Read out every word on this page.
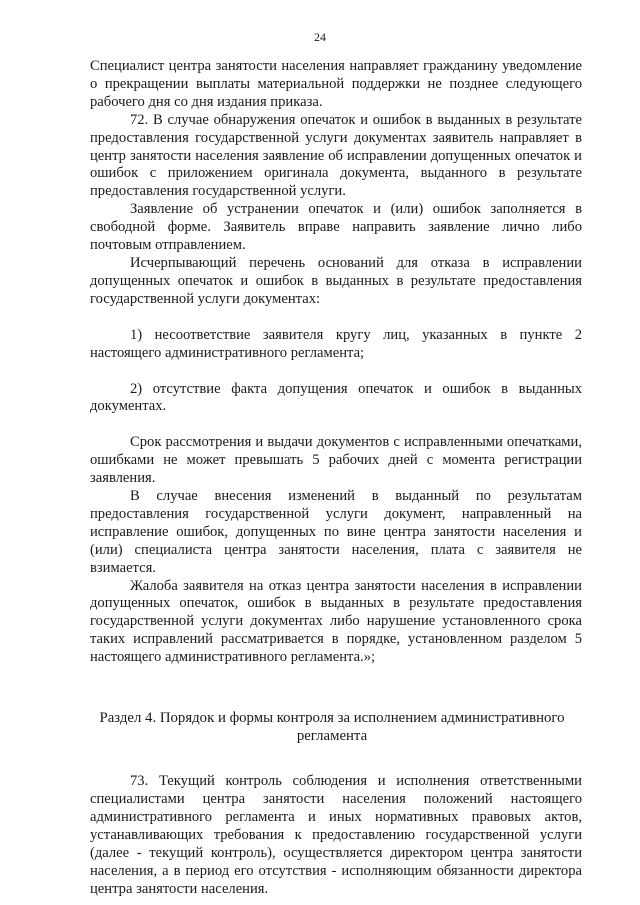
24

Специалист центра занятости населения направляет гражданину уведомление о прекращении выплаты материальной поддержки не позднее следующего рабочего дня со дня издания приказа.

72. В случае обнаружения опечаток и ошибок в выданных в результате предоставления государственной услуги документах заявитель направляет в центр занятости населения заявление об исправлении допущенных опечаток и ошибок с приложением оригинала документа, выданного в результате предоставления государственной услуги.

Заявление об устранении опечаток и (или) ошибок заполняется в свободной форме. Заявитель вправе направить заявление лично либо почтовым отправлением.

Исчерпывающий перечень оснований для отказа в исправлении допущенных опечаток и ошибок в выданных в результате предоставления государственной услуги документах:

1) несоответствие заявителя кругу лиц, указанных в пункте 2 настоящего административного регламента;

2) отсутствие факта допущения опечаток и ошибок в выданных документах.

Срок рассмотрения и выдачи документов с исправленными опечатками, ошибками не может превышать 5 рабочих дней с момента регистрации заявления.

В случае внесения изменений в выданный по результатам предоставления государственной услуги документ, направленный на исправление ошибок, допущенных по вине центра занятости населения и (или) специалиста центра занятости населения, плата с заявителя не взимается.

Жалоба заявителя на отказ центра занятости населения в исправлении допущенных опечаток, ошибок в выданных в результате предоставления государственной услуги документах либо нарушение установленного срока таких исправлений рассматривается в порядке, установленном разделом 5 настоящего административного регламента.»;

Раздел 4. Порядок и формы контроля за исполнением административного регламента

73. Текущий контроль соблюдения и исполнения ответственными специалистами центра занятости населения положений настоящего административного регламента и иных нормативных правовых актов, устанавливающих требования к предоставлению государственной услуги (далее - текущий контроль), осуществляется директором центра занятости населения, а в период его отсутствия - исполняющим обязанности директора центра занятости населения.
